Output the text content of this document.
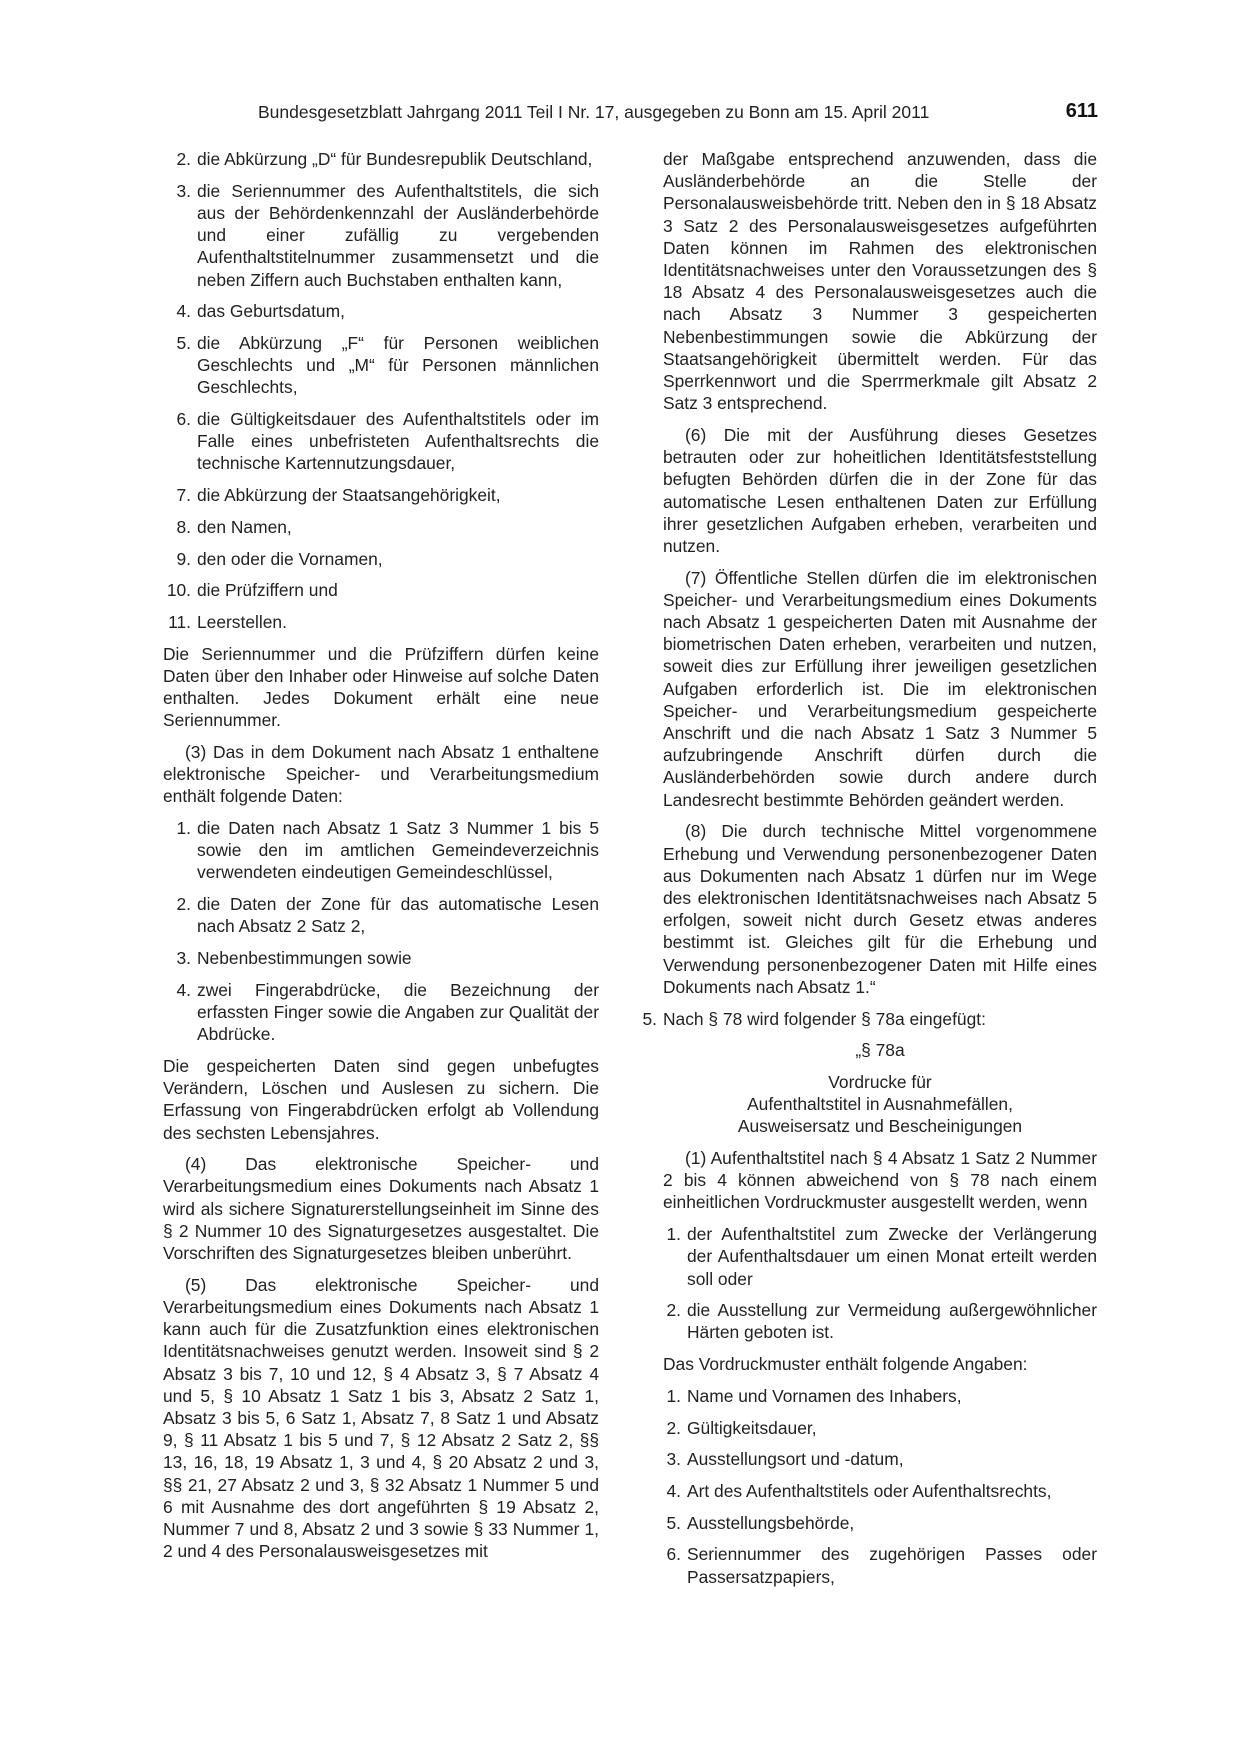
Bundesgesetzblatt Jahrgang 2011 Teil I Nr. 17, ausgegeben zu Bonn am 15. April 2011	611
2. die Abkürzung „D“ für Bundesrepublik Deutschland,
3. die Seriennummer des Aufenthaltstitels, die sich aus der Behördenkennzahl der Ausländerbehörde und einer zufällig zu vergebenden Aufenthaltstitelnummer zusammensetzt und die neben Ziffern auch Buchstaben enthalten kann,
4. das Geburtsdatum,
5. die Abkürzung „F“ für Personen weiblichen Geschlechts und „M“ für Personen männlichen Geschlechts,
6. die Gültigkeitsdauer des Aufenthaltstitels oder im Falle eines unbefristeten Aufenthaltsrechts die technische Kartennutzungsdauer,
7. die Abkürzung der Staatsangehörigkeit,
8. den Namen,
9. den oder die Vornamen,
10. die Prüfziffern und
11. Leerstellen.

Die Seriennummer und die Prüfziffern dürfen keine Daten über den Inhaber oder Hinweise auf solche Daten enthalten. Jedes Dokument erhält eine neue Seriennummer.

(3) Das in dem Dokument nach Absatz 1 enthaltene elektronische Speicher- und Verarbeitungsmedium enthält folgende Daten:

1. die Daten nach Absatz 1 Satz 3 Nummer 1 bis 5 sowie den im amtlichen Gemeindeverzeichnis verwendeten eindeutigen Gemeindeschlüssel,
2. die Daten der Zone für das automatische Lesen nach Absatz 2 Satz 2,
3. Nebenbestimmungen sowie
4. zwei Fingerabdrücke, die Bezeichnung der erfassten Finger sowie die Angaben zur Qualität der Abdrücke.

Die gespeicherten Daten sind gegen unbefugtes Verändern, Löschen und Auslesen zu sichern. Die Erfassung von Fingerabdrücken erfolgt ab Vollendung des sechsten Lebensjahres.

(4) Das elektronische Speicher- und Verarbeitungsmedium eines Dokuments nach Absatz 1 wird als sichere Signaturerstellungseinheit im Sinne des § 2 Nummer 10 des Signaturgesetzes ausgestaltet. Die Vorschriften des Signaturgesetzes bleiben unberührt.

(5) Das elektronische Speicher- und Verarbeitungsmedium eines Dokuments nach Absatz 1 kann auch für die Zusatzfunktion eines elektronischen Identitätsnachweises genutzt werden. Insoweit sind § 2 Absatz 3 bis 7, 10 und 12, § 4 Absatz 3, § 7 Absatz 4 und 5, § 10 Absatz 1 Satz 1 bis 3, Absatz 2 Satz 1, Absatz 3 bis 5, 6 Satz 1, Absatz 7, 8 Satz 1 und Absatz 9, § 11 Absatz 1 bis 5 und 7, § 12 Absatz 2 Satz 2, §§ 13, 16, 18, 19 Absatz 1, 3 und 4, § 20 Absatz 2 und 3, §§ 21, 27 Absatz 2 und 3, § 32 Absatz 1 Nummer 5 und 6 mit Ausnahme des dort angeführten § 19 Absatz 2, Nummer 7 und 8, Absatz 2 und 3 sowie § 33 Nummer 1, 2 und 4 des Personalausweisgesetzes mit

der Maßgabe entsprechend anzuwenden, dass die Ausländerbehörde an die Stelle der Personalausweisbehörde tritt. Neben den in § 18 Absatz 3 Satz 2 des Personalausweisgesetzes aufgeführten Daten können im Rahmen des elektronischen Identitätsnachweises unter den Voraussetzungen des § 18 Absatz 4 des Personalausweisgesetzes auch die nach Absatz 3 Nummer 3 gespeicherten Nebenbestimmungen sowie die Abkürzung der Staatsangehörigkeit übermittelt werden. Für das Sperrkennwort und die Sperrmerkmale gilt Absatz 2 Satz 3 entsprechend.

(6) Die mit der Ausführung dieses Gesetzes betrauten oder zur hoheitlichen Identitätsfeststellung befugten Behörden dürfen die in der Zone für das automatische Lesen enthaltenen Daten zur Erfüllung ihrer gesetzlichen Aufgaben erheben, verarbeiten und nutzen.

(7) Öffentliche Stellen dürfen die im elektronischen Speicher- und Verarbeitungsmedium eines Dokuments nach Absatz 1 gespeicherten Daten mit Ausnahme der biometrischen Daten erheben, verarbeiten und nutzen, soweit dies zur Erfüllung ihrer jeweiligen gesetzlichen Aufgaben erforderlich ist. Die im elektronischen Speicher- und Verarbeitungsmedium gespeicherte Anschrift und die nach Absatz 1 Satz 3 Nummer 5 aufzubringende Anschrift dürfen durch die Ausländerbehörden sowie durch andere durch Landesrecht bestimmte Behörden geändert werden.

(8) Die durch technische Mittel vorgenommene Erhebung und Verwendung personenbezogener Daten aus Dokumenten nach Absatz 1 dürfen nur im Wege des elektronischen Identitätsnachweises nach Absatz 5 erfolgen, soweit nicht durch Gesetz etwas anderes bestimmt ist. Gleiches gilt für die Erhebung und Verwendung personenbezogener Daten mit Hilfe eines Dokuments nach Absatz 1.“

5. Nach § 78 wird folgender § 78a eingefügt:

„§ 78a

Vordrucke für
Aufenthaltstitel in Ausnahmefällen,
Ausweisersatz und Bescheinigungen

(1) Aufenthaltstitel nach § 4 Absatz 1 Satz 2 Nummer 2 bis 4 können abweichend von § 78 nach einem einheitlichen Vordruckmuster ausgestellt werden, wenn

1. der Aufenthaltstitel zum Zwecke der Verlängerung der Aufenthaltsdauer um einen Monat erteilt werden soll oder
2. die Ausstellung zur Vermeidung außergewöhnlicher Härten geboten ist.

Das Vordruckmuster enthält folgende Angaben:

1. Name und Vornamen des Inhabers,
2. Gültigkeitsdauer,
3. Ausstellungsort und -datum,
4. Art des Aufenthaltstitels oder Aufenthaltsrechts,
5. Ausstellungsbehörde,
6. Seriennummer des zugehörigen Passes oder Passersatzpapiers,
